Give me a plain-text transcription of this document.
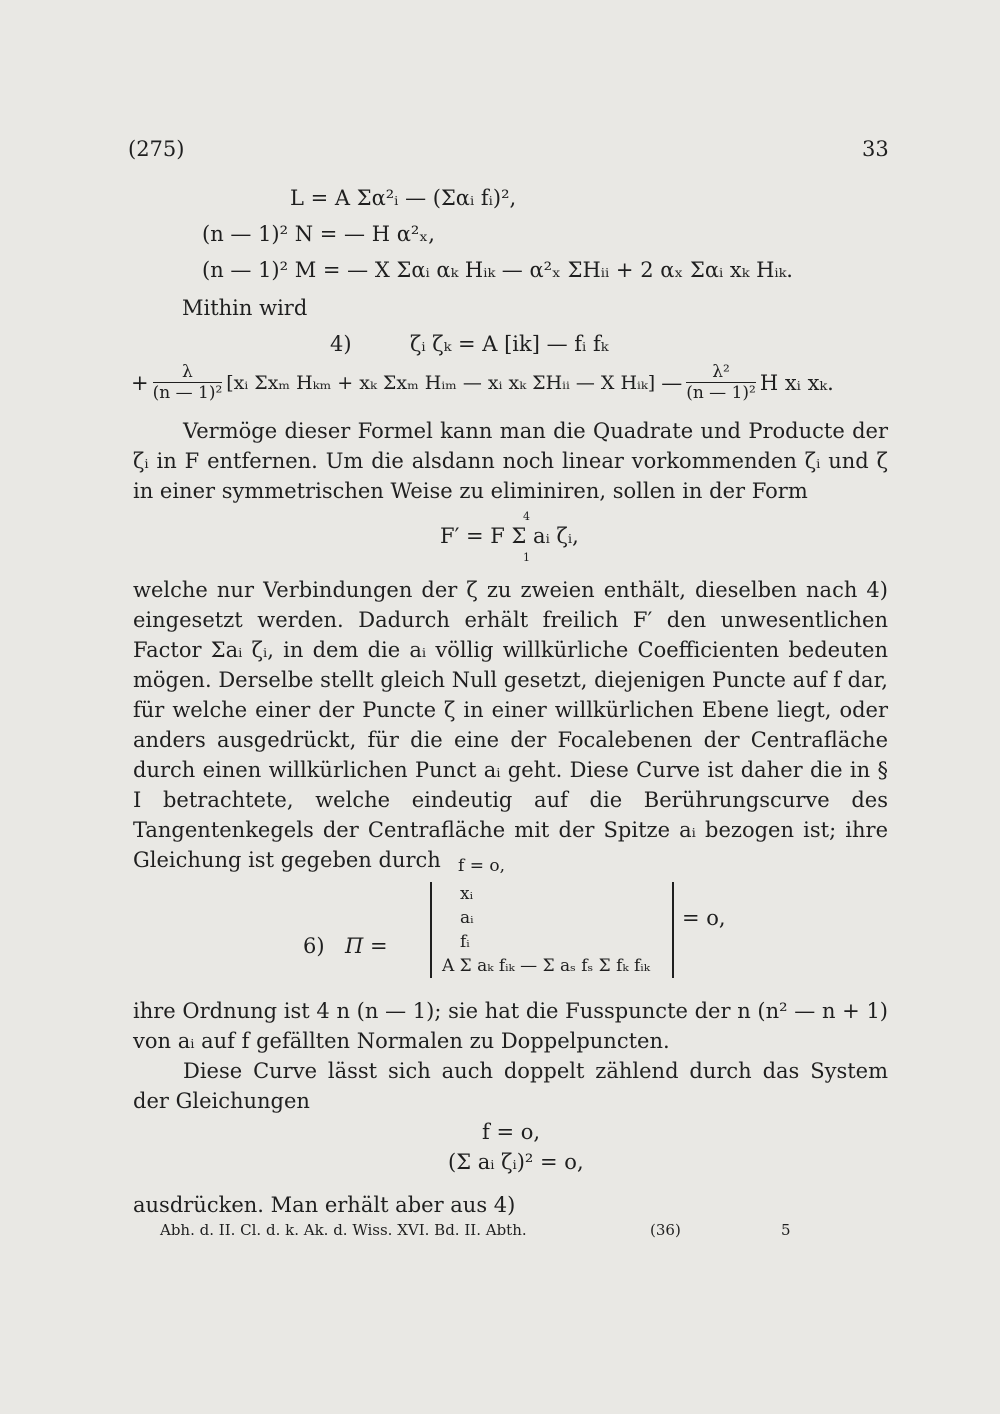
(275)	33
L = A Σα²ᵢ — (Σαᵢ fᵢ)²,
(n — 1)² N = — H α²ₓ,
(n — 1)² M = — X Σαᵢ αₖ Hᵢₖ — α²ₓ ΣHᵢᵢ + 2 αₓ Σαᵢ xₖ Hᵢₖ.
Mithin wird
4)	ζᵢ ζₖ = A [ik] — fᵢ fₖ
+ $\frac{\lambda}{\text{(n — 1)²}}$ [xᵢ Σxₘ Hₖₘ + xₖ Σxₘ Hᵢₘ — xᵢ xₖ ΣHᵢᵢ — X Hᵢₖ] — $\frac{\text{λ²}}{\text{(n — 1)²}}$ H xᵢ xₖ.

Vermöge dieser Formel kann man die Quadrate und Producte der ζᵢ in F entfernen. Um die alsdann noch linear vorkommenden ζᵢ und ζ in einer symmetrischen Weise zu eliminiren, sollen in der Form

4
F′ = F Σ aᵢ ζᵢ,
1

welche nur Verbindungen der ζ zu zweien enthält, dieselben nach 4) eingesetzt werden. Dadurch erhält freilich F′ den unwesentlichen Factor Σaᵢ ζᵢ, in dem die aᵢ völlig willkürliche Coefficienten bedeuten mögen. Derselbe stellt gleich Null gesetzt, diejenigen Puncte auf f dar, für welche einer der Puncte ζ in einer willkürlichen Ebene liegt, oder anders ausgedrückt, für die eine der Focalebenen der Centrafläche durch einen willkürlichen Punct aᵢ geht. Diese Curve ist daher die in § I betrachtete, welche eindeutig auf die Berührungscurve des Tangentenkegels der Centrafläche mit der Spitze aᵢ bezogen ist; ihre Gleichung ist gegeben durch	f = o,
6) Π =
xᵢ
aᵢ
fᵢ
A Σ aₖ fᵢₖ — Σ aₛ fₛ Σ fₖ fᵢₖ
= o,

ihre Ordnung ist 4 n (n — 1); sie hat die Fusspuncte der n (n² — n + 1) von aᵢ auf f gefällten Normalen zu Doppelpuncten.

Diese Curve lässt sich auch doppelt zählend durch das System der Gleichungen

f = o,
(Σ aᵢ ζᵢ)² = o,
ausdrücken. Man erhält aber aus 4)
Abh. d. II. Cl. d. k. Ak. d. Wiss. XVI. Bd. II. Abth.	(36)	5
